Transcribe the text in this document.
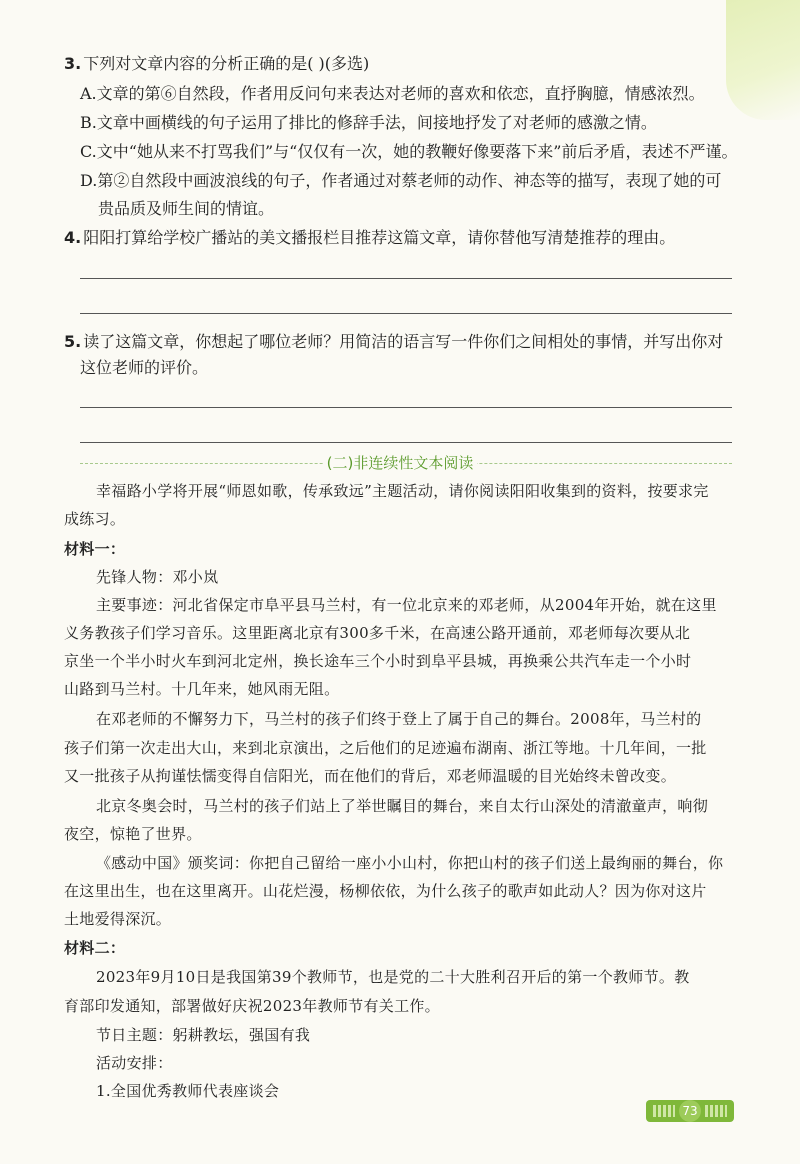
3. 下列对文章内容的分析正确的是( )(多选)
A.文章的第⑥自然段，作者用反问句来表达对老师的喜欢和依恋，直抒胸臆，情感浓烈。
B.文章中画横线的句子运用了排比的修辞手法，间接地抒发了对老师的感激之情。
C.文中“她从来不打骂我们”与“仅仅有一次，她的教鞭好像要落下来”前后矛盾，表述不严谨。
D.第②自然段中画波浪线的句子，作者通过对蔡老师的动作、神态等的描写，表现了她的可
贵品质及师生间的情谊。
4. 阳阳打算给学校广播站的美文播报栏目推荐这篇文章，请你替他写清楚推荐的理由。
5. 读了这篇文章，你想起了哪位老师？用简洁的语言写一件你们之间相处的事情，并写出你对
这位老师的评价。
(二)非连续性文本阅读
幸福路小学将开展“师恩如歌，传承致远”主题活动，请你阅读阳阳收集到的资料，按要求完
成练习。
材料一：
先锋人物：邓小岚
主要事迹：河北省保定市阜平县马兰村，有一位北京来的邓老师，从2004年开始，就在这里
义务教孩子们学习音乐。这里距离北京有300多千米，在高速公路开通前，邓老师每次要从北
京坐一个半小时火车到河北定州，换长途车三个小时到阜平县城，再换乘公共汽车走一个小时
山路到马兰村。十几年来，她风雨无阻。
在邓老师的不懈努力下，马兰村的孩子们终于登上了属于自己的舞台。2008年，马兰村的
孩子们第一次走出大山，来到北京演出，之后他们的足迹遍布湖南、浙江等地。十几年间，一批
又一批孩子从拘谨怯懦变得自信阳光，而在他们的背后，邓老师温暖的目光始终未曾改变。
北京冬奥会时，马兰村的孩子们站上了举世瞩目的舞台，来自太行山深处的清澈童声，响彻
夜空，惊艳了世界。
《感动中国》颁奖词：你把自己留给一座小小山村，你把山村的孩子们送上最绚丽的舞台，你
在这里出生，也在这里离开。山花烂漫，杨柳依依，为什么孩子的歌声如此动人？因为你对这片
土地爱得深沉。
材料二：
2023年9月10日是我国第39个教师节，也是党的二十大胜利召开后的第一个教师节。教
育部印发通知，部署做好庆祝2023年教师节有关工作。
节日主题：躬耕教坛，强国有我
活动安排：
1.全国优秀教师代表座谈会
73
